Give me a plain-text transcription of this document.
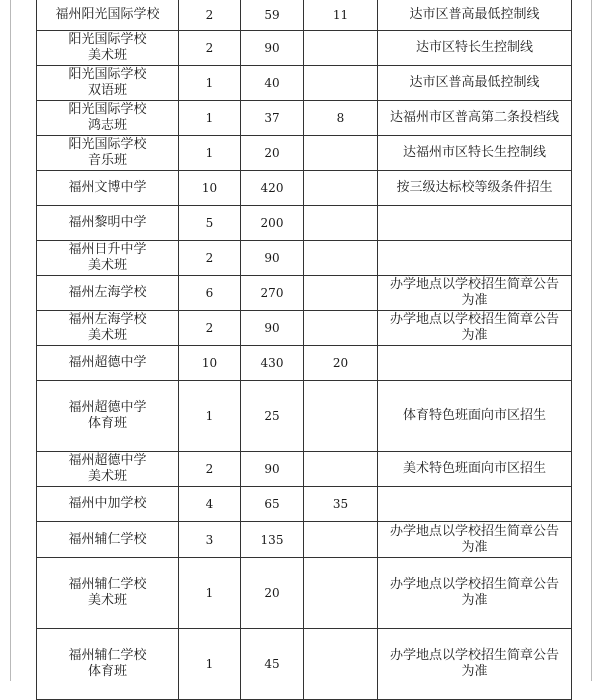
福州阳光国际学校	2	59	11	达市区普高最低控制线
阳光国际学校
美术班	2	90		达市区特长生控制线
阳光国际学校
双语班	1	40		达市区普高最低控制线
阳光国际学校
鸿志班	1	37	8	达福州市区普高第二条投档线
阳光国际学校
音乐班	1	20		达福州市区特长生控制线
福州文博中学	10	420		按三级达标校等级条件招生
福州黎明中学	5	200		
福州日升中学
美术班	2	90		
福州左海学校	6	270		办学地点以学校招生简章公告
为准
福州左海学校
美术班	2	90		办学地点以学校招生简章公告
为准
福州超德中学	10	430	20	
福州超德中学
体育班	1	25		体育特色班面向市区招生
福州超德中学
美术班	2	90		美术特色班面向市区招生
福州中加学校	4	65	35	
福州辅仁学校	3	135		办学地点以学校招生简章公告
为准
福州辅仁学校
美术班	1	20		办学地点以学校招生简章公告
为准
福州辅仁学校
体育班	1	45		办学地点以学校招生简章公告
为准
